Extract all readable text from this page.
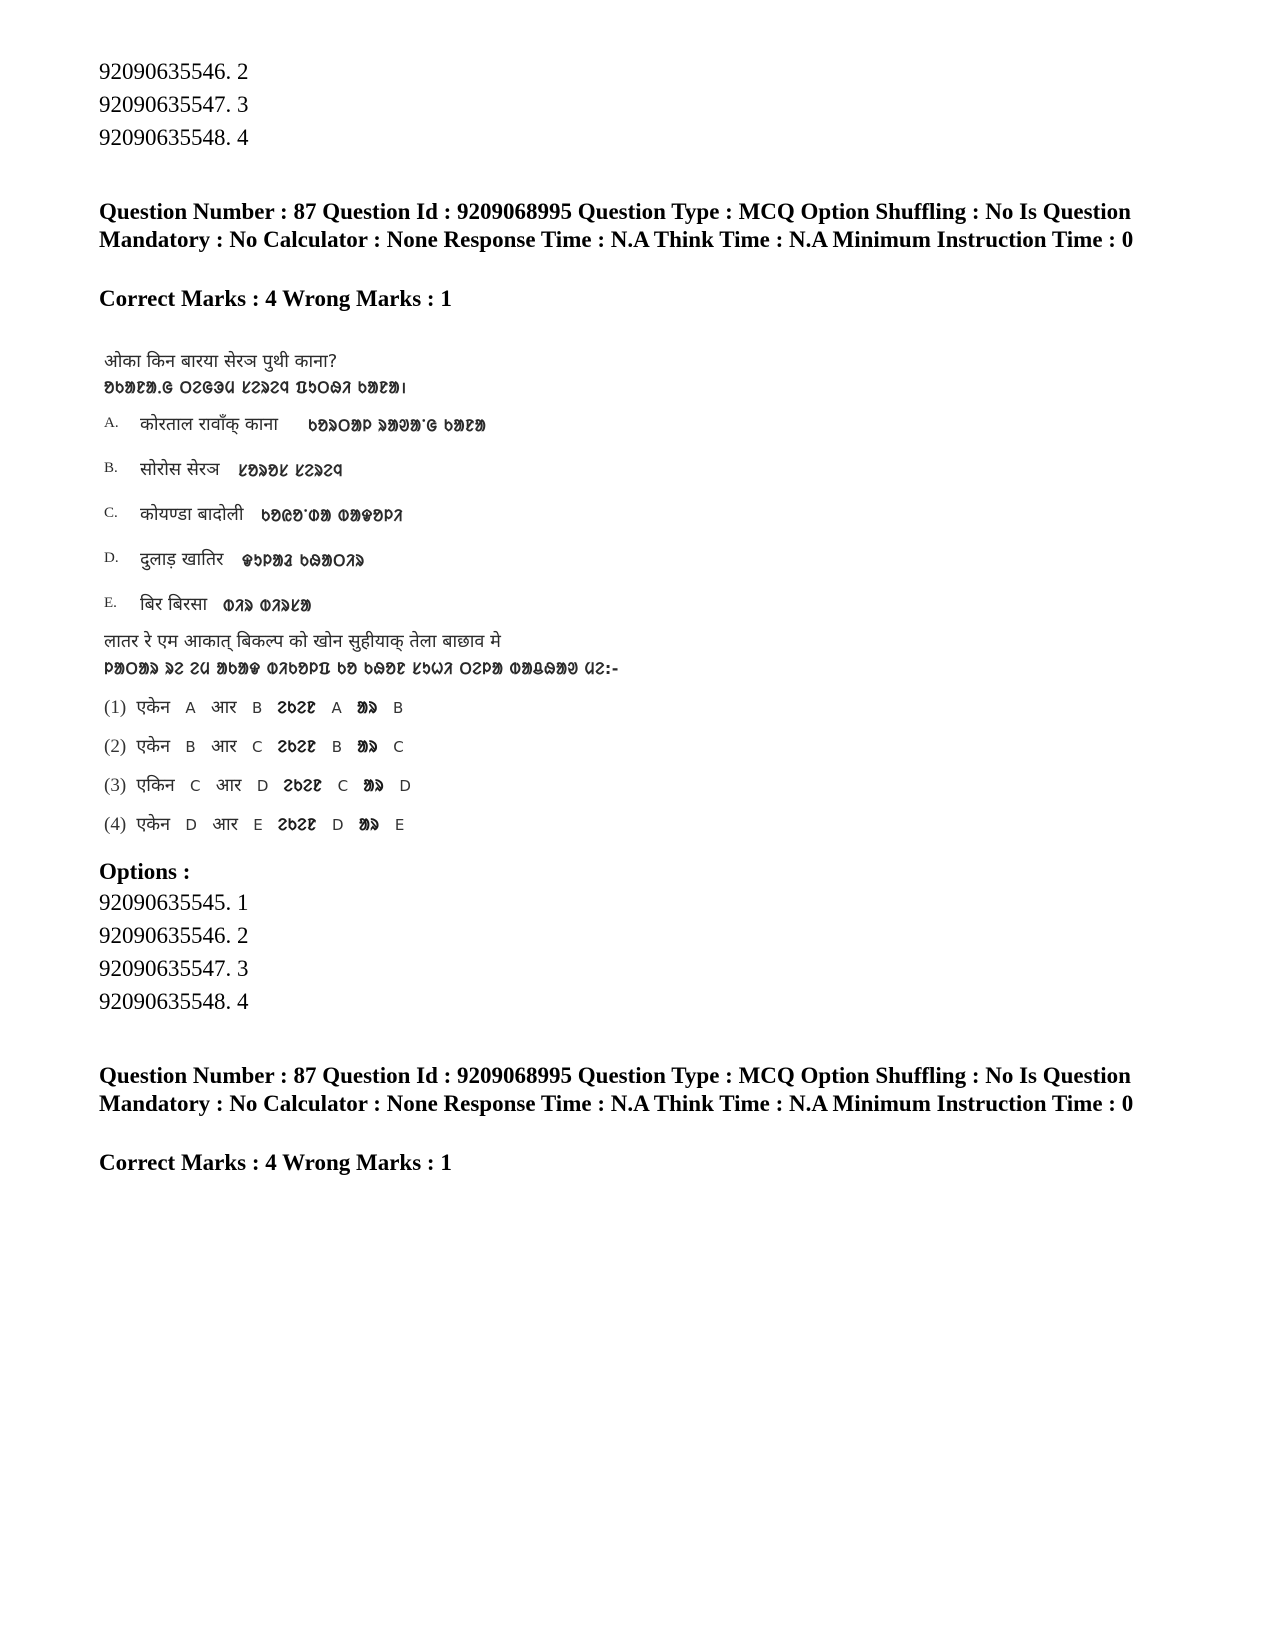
92090635546. 2
92090635547. 3
92090635548. 4
Question Number : 87 Question Id : 9209068995 Question Type : MCQ Option Shuffling : No Is Question Mandatory : No Calculator : None Response Time : N.A Think Time : N.A Minimum Instruction Time : 0
Correct Marks : 4 Wrong Marks : 1
ओका किन बारया सेरञ पुथी काना?
ᱚᱠᱟᱱᱟᱹᱜ ᱛᱮᱜᱳᱢ ᱥᱮᱨᱮᱧ ᱯᱩᱛᱷᱤ ᱠᱟᱱᱟ।
A. कोरताल रावाँक् काना ᱠᱚᱨᱛᱟᱞ ᱨᱟᱣᱟᱸᱜ ᱠᱟᱱᱟ
B. सोरोस सेरञ ᱥᱚᱨᱚᱥ ᱥᱮᱨᱮᱧ
C. कोयण्डा बादोली ᱠᱚᱭᱚᱸᱰᱟ ᱵᱟᱫᱚᱞᱤ
D. दुलाड़ खातिर ᱫᱩᱞᱟᱲ ᱠᱷᱟᱛᱤᱨ
E. बिर बिरसा ᱵᱤᱨ ᱵᱤᱨᱥᱟ
लातर रे एम आकात् बिकल्प को खोन सुहीयाक् तेला बाछाव मे
ᱞᱟᱛᱟᱨ ᱨᱮ ᱮᱢ ᱟᱠᱟᱫ ᱵᱤᱠᱚᱞᱯ ᱠᱚ ᱠᱷᱚᱱ ᱥᱩᱦᱤ ᱛᱮᱞᱟ ᱵᱟᱪᱷᱟᱣ ᱢᱮ:-
(1) एकेन A आर B ᱮᱠᱮᱱ A ᱟᱨ B
(2) एकेन B आर C ᱮᱠᱮᱱ B ᱟᱨ C
(3) एकिन C आर D ᱮᱠᱮᱱ C ᱟᱨ D
(4) एकेन D आर E ᱮᱠᱮᱱ D ᱟᱨ E
Options :
92090635545. 1
92090635546. 2
92090635547. 3
92090635548. 4
Question Number : 87 Question Id : 9209068995 Question Type : MCQ Option Shuffling : No Is Question Mandatory : No Calculator : None Response Time : N.A Think Time : N.A Minimum Instruction Time : 0
Correct Marks : 4 Wrong Marks : 1
